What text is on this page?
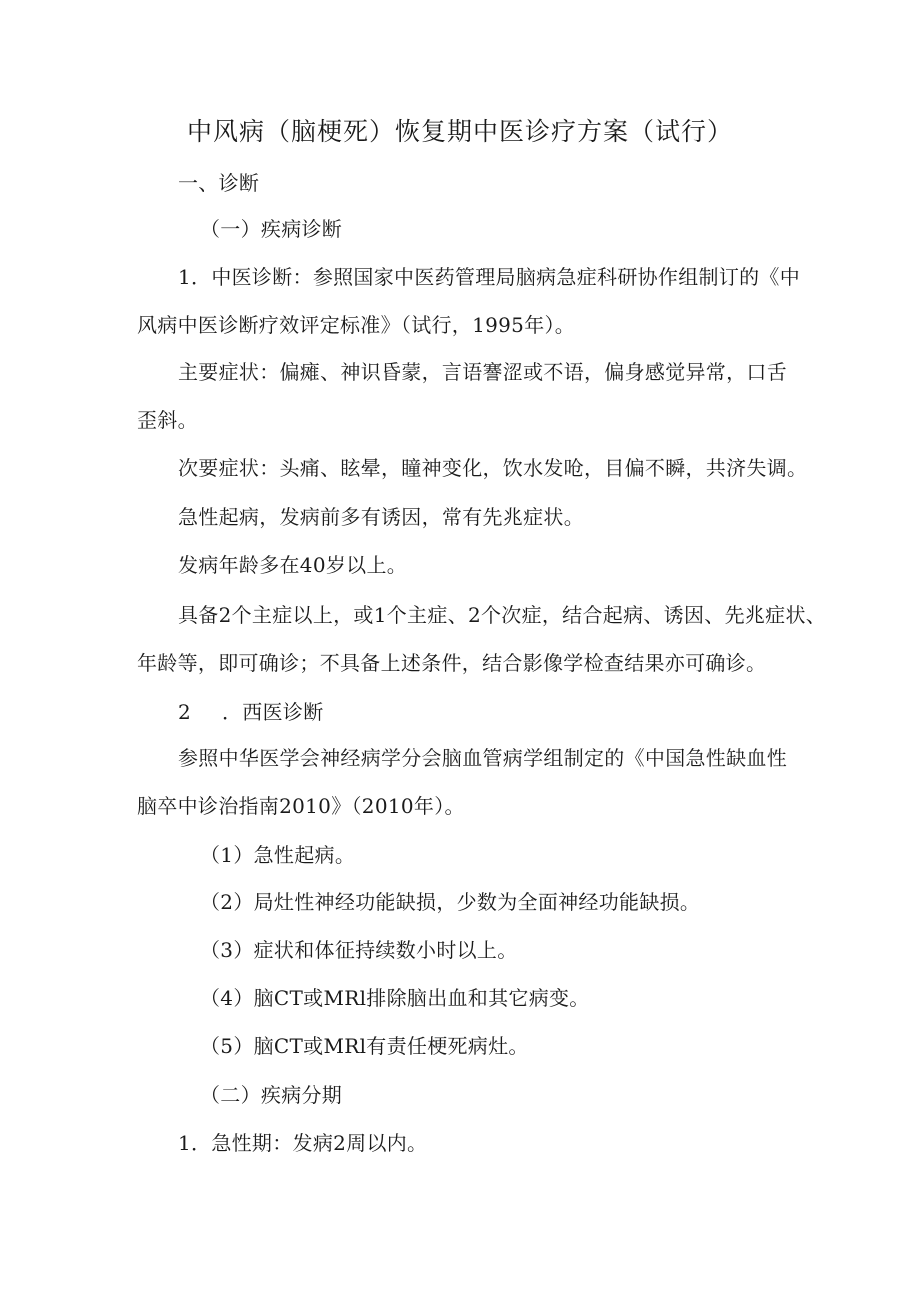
中风病（脑梗死）恢复期中医诊疗方案（试行）
一、诊断
（一）疾病诊断
1．中医诊断：参照国家中医药管理局脑病急症科研协作组制订的《中
风病中医诊断疗效评定标准》（试行，1995年）。
主要症状：偏瘫、神识昏蒙，言语謇涩或不语，偏身感觉异常，口舌
歪斜。
次要症状：头痛、眩晕，瞳神变化，饮水发呛，目偏不瞬，共济失调。
急性起病，发病前多有诱因，常有先兆症状。
发病年龄多在40岁以上。
具备2个主症以上，或1个主症、2个次症，结合起病、诱因、先兆症状、
年龄等，即可确诊；不具备上述条件，结合影像学检查结果亦可确诊。
2 ．西医诊断
参照中华医学会神经病学分会脑血管病学组制定的《中国急性缺血性
脑卒中诊治指南2010》（2010年）。
（1）急性起病。
（2）局灶性神经功能缺损，少数为全面神经功能缺损。
（3）症状和体征持续数小时以上。
（4）脑CT或MRl排除脑出血和其它病变。
（5）脑CT或MRl有责任梗死病灶。
（二）疾病分期
1．急性期：发病2周以内。
